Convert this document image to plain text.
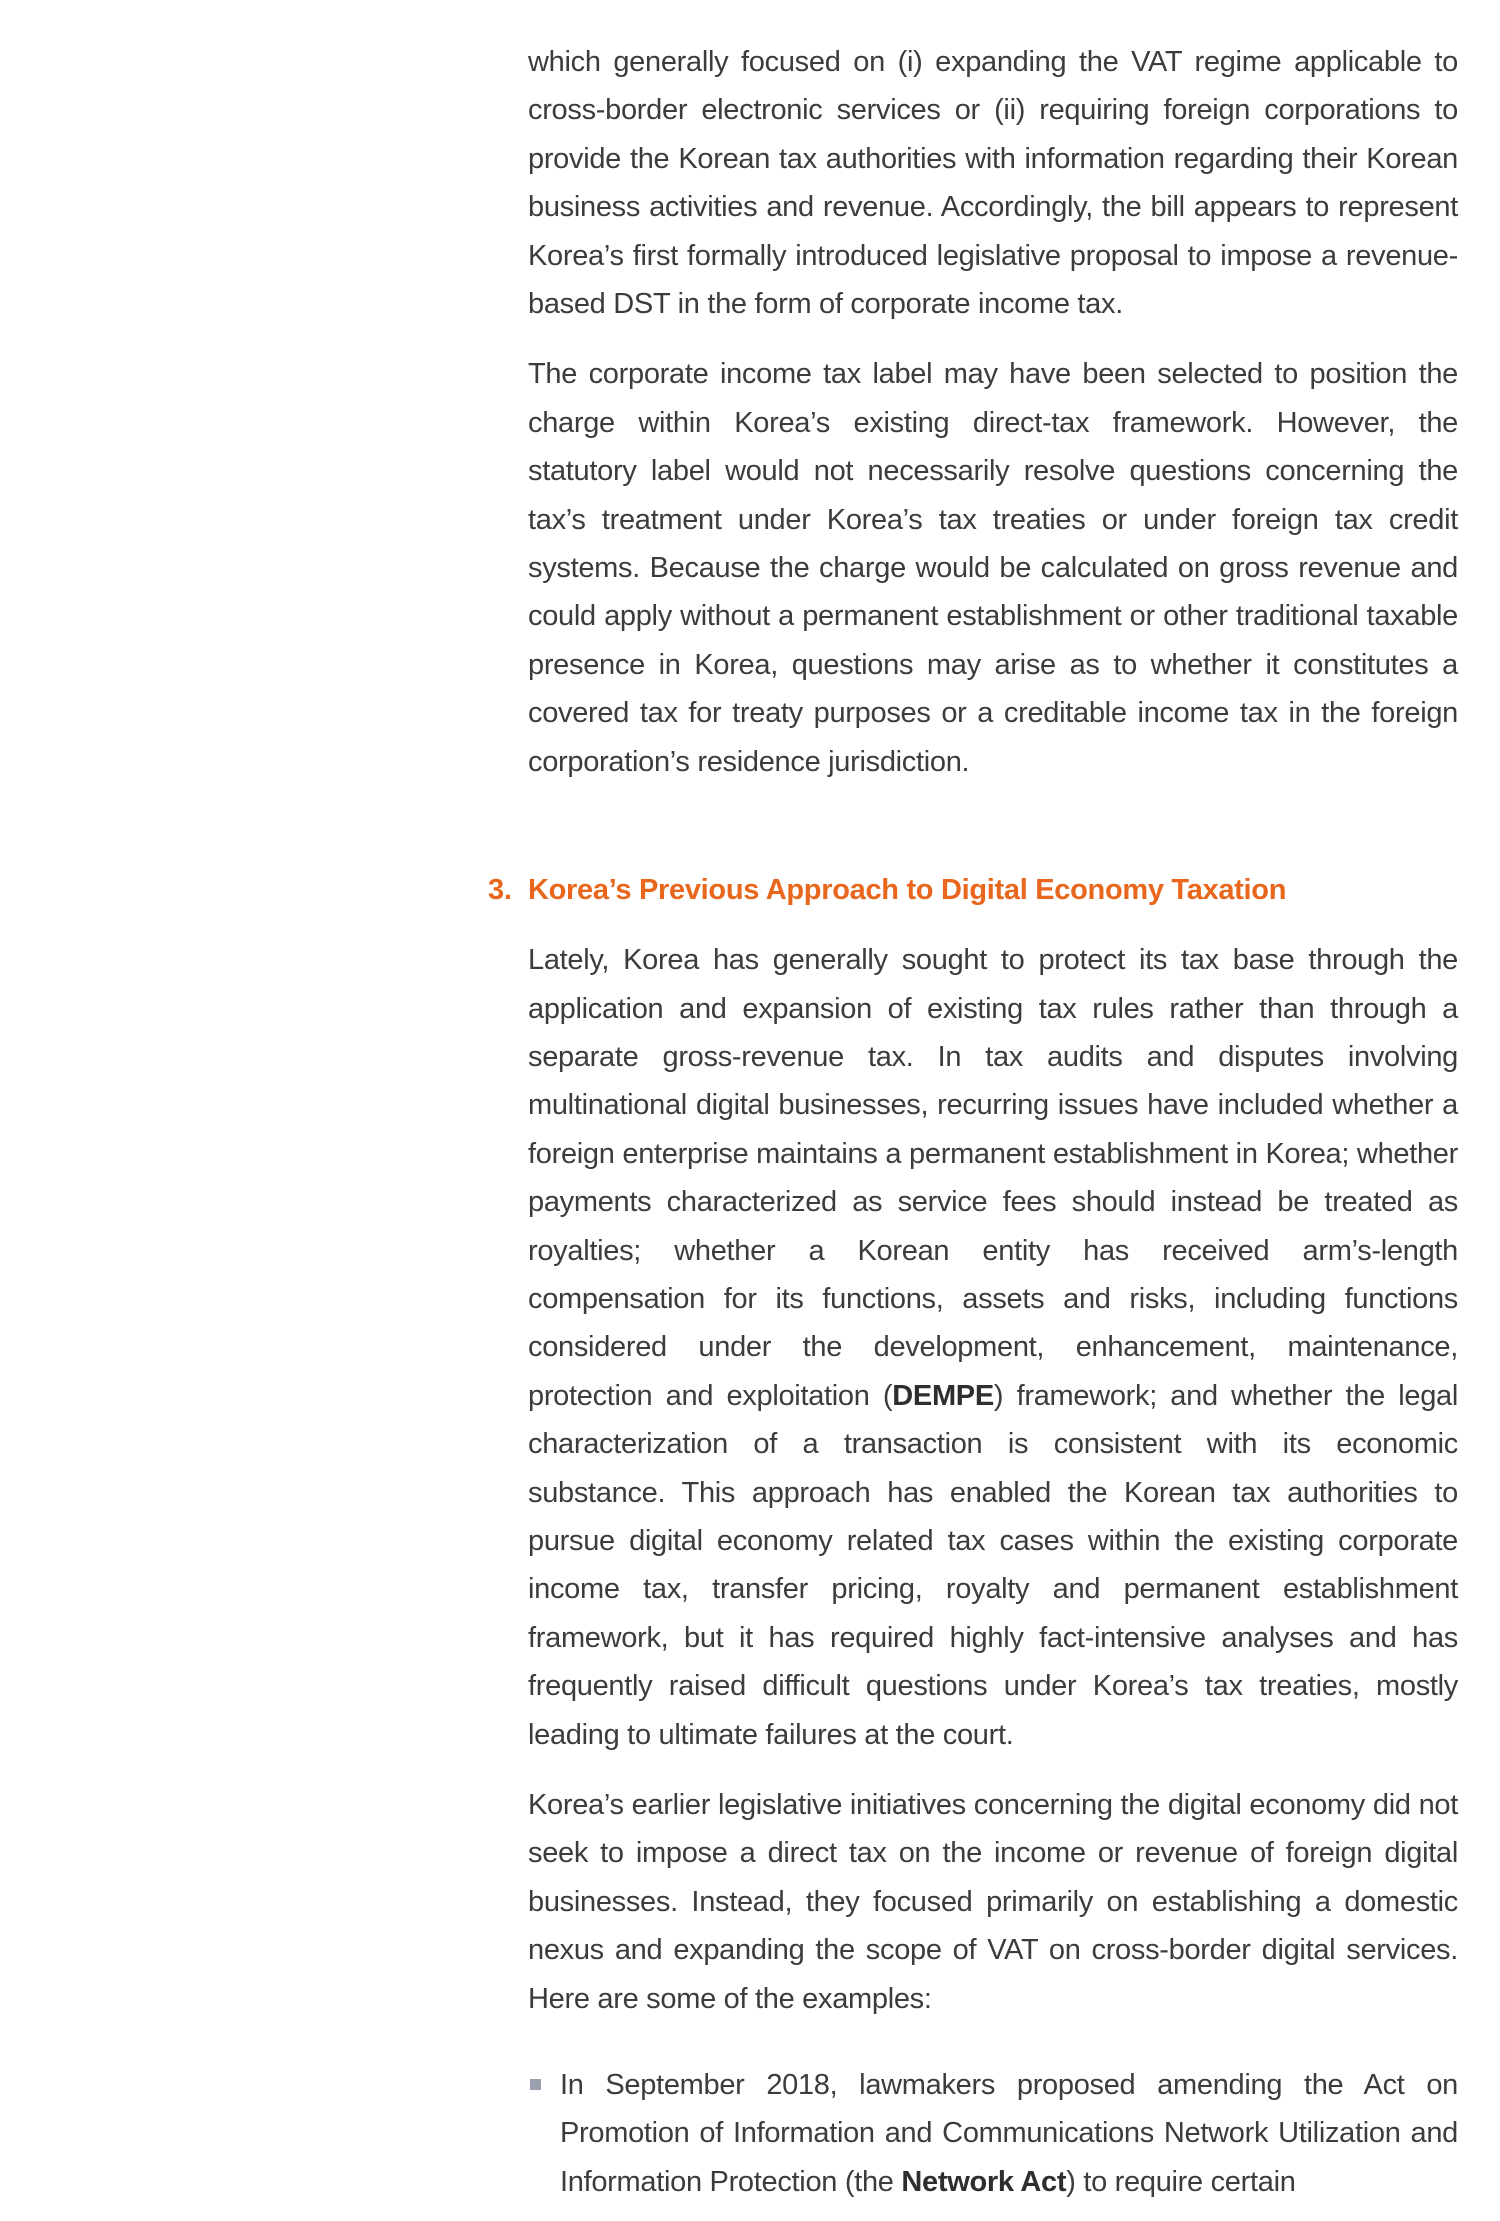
which generally focused on (i) expanding the VAT regime applicable to cross-border electronic services or (ii) requiring foreign corporations to provide the Korean tax authorities with information regarding their Korean business activities and revenue. Accordingly, the bill appears to represent Korea’s first formally introduced legislative proposal to impose a revenue-based DST in the form of corporate income tax.

The corporate income tax label may have been selected to position the charge within Korea’s existing direct-tax framework. However, the statutory label would not necessarily resolve questions concerning the tax’s treatment under Korea’s tax treaties or under foreign tax credit systems. Because the charge would be calculated on gross revenue and could apply without a permanent establishment or other traditional taxable presence in Korea, questions may arise as to whether it constitutes a covered tax for treaty purposes or a creditable income tax in the foreign corporation’s residence jurisdiction.

3. Korea’s Previous Approach to Digital Economy Taxation

Lately, Korea has generally sought to protect its tax base through the application and expansion of existing tax rules rather than through a separate gross-revenue tax. In tax audits and disputes involving multinational digital businesses, recurring issues have included whether a foreign enterprise maintains a permanent establishment in Korea; whether payments characterized as service fees should instead be treated as royalties; whether a Korean entity has received arm’s-length compensation for its functions, assets and risks, including functions considered under the development, enhancement, maintenance, protection and exploitation (DEMPE) framework; and whether the legal characterization of a transaction is consistent with its economic substance. This approach has enabled the Korean tax authorities to pursue digital economy related tax cases within the existing corporate income tax, transfer pricing, royalty and permanent establishment framework, but it has required highly fact-intensive analyses and has frequently raised difficult questions under Korea’s tax treaties, mostly leading to ultimate failures at the court.

Korea’s earlier legislative initiatives concerning the digital economy did not seek to impose a direct tax on the income or revenue of foreign digital businesses. Instead, they focused primarily on establishing a domestic nexus and expanding the scope of VAT on cross-border digital services. Here are some of the examples:

In September 2018, lawmakers proposed amending the Act on Promotion of Information and Communications Network Utilization and Information Protection (the Network Act) to require certain
